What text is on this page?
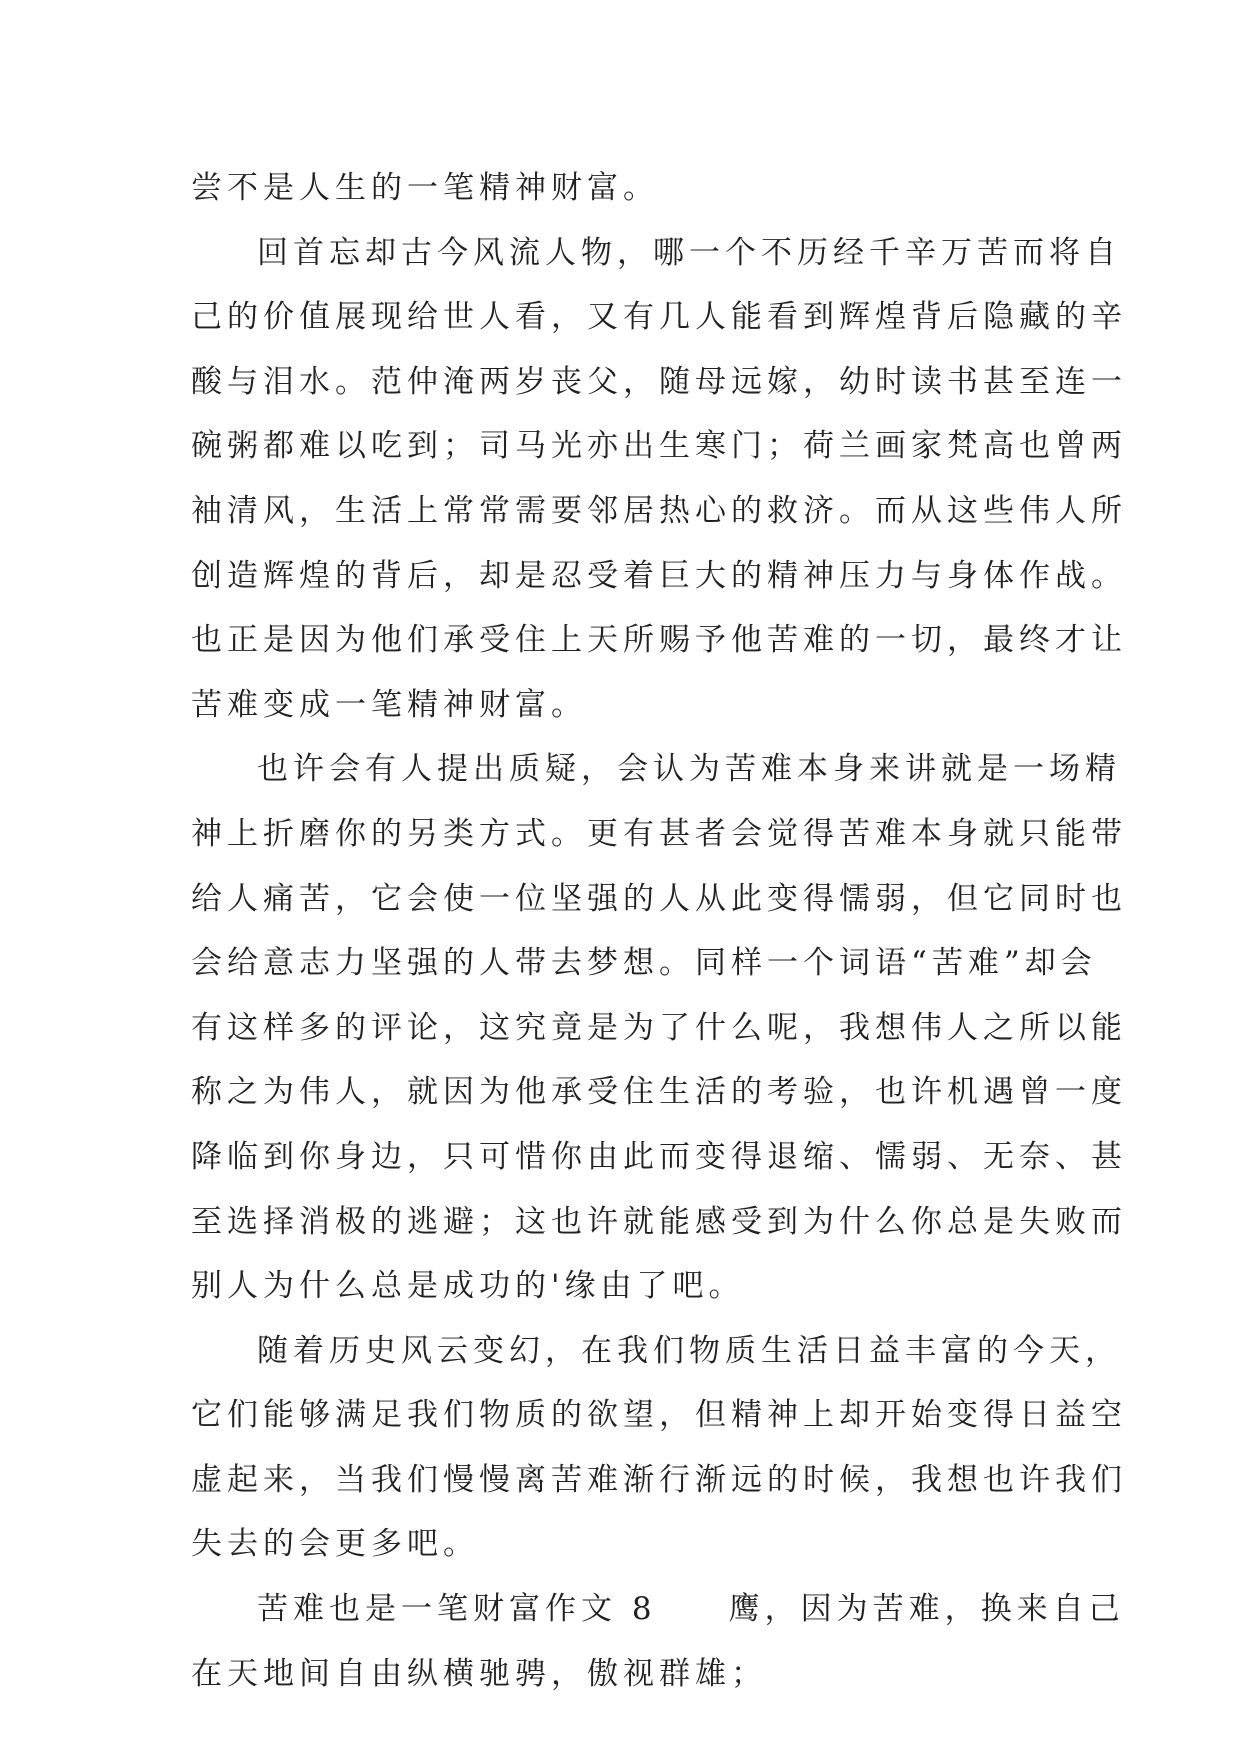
尝不是人生的一笔精神财富。
回首忘却古今风流人物，哪一个不历经千辛万苦而将自
己的价值展现给世人看，又有几人能看到辉煌背后隐藏的辛
酸与泪水。范仲淹两岁丧父，随母远嫁，幼时读书甚至连一
碗粥都难以吃到；司马光亦出生寒门；荷兰画家梵高也曾两
袖清风，生活上常常需要邻居热心的救济。而从这些伟人所
创造辉煌的背后，却是忍受着巨大的精神压力与身体作战。
也正是因为他们承受住上天所赐予他苦难的一切，最终才让
苦难变成一笔精神财富。
也许会有人提出质疑，会认为苦难本身来讲就是一场精
神上折磨你的另类方式。更有甚者会觉得苦难本身就只能带
给人痛苦，它会使一位坚强的人从此变得懦弱，但它同时也
会给意志力坚强的人带去梦想。同样一个词语“苦难”却会
有这样多的评论，这究竟是为了什么呢，我想伟人之所以能
称之为伟人，就因为他承受住生活的考验，也许机遇曾一度
降临到你身边，只可惜你由此而变得退缩、懦弱、无奈、甚
至选择消极的逃避；这也许就能感受到为什么你总是失败而
别人为什么总是成功的'缘由了吧。
随着历史风云变幻，在我们物质生活日益丰富的今天，
它们能够满足我们物质的欲望，但精神上却开始变得日益空
虚起来，当我们慢慢离苦难渐行渐远的时候，我想也许我们
失去的会更多吧。
苦难也是一笔财富作文 8　　鹰，因为苦难，换来自己
在天地间自由纵横驰骋，傲视群雄；
